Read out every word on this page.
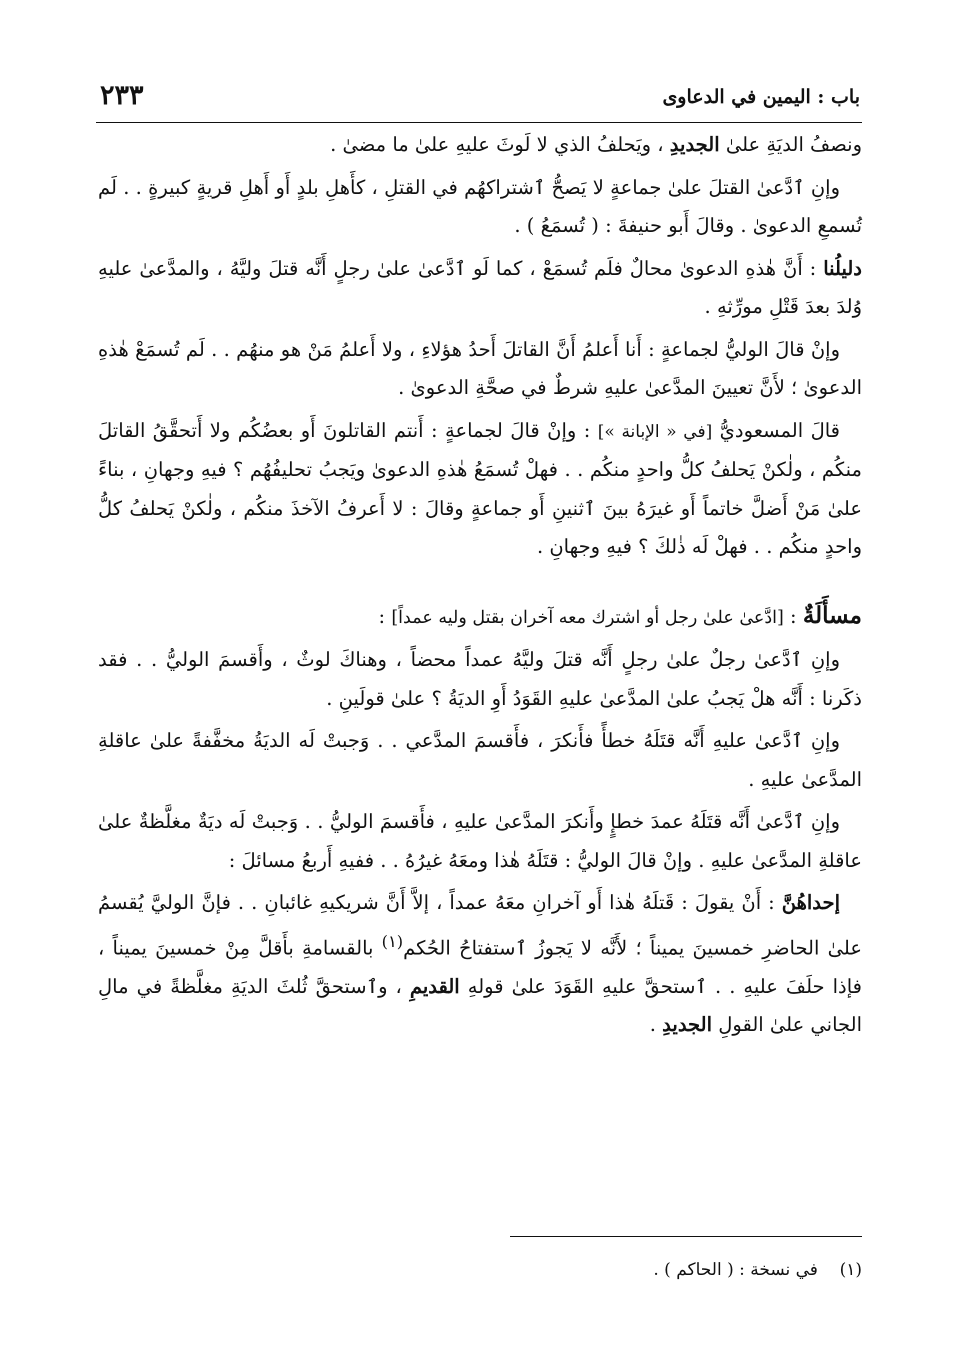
باب : اليمين في الدعاوى
٢٣٣

ونصفُ الديَةِ علىٰ الجديدِ ، ويَحلفُ الذي لا لَوثَ عليهِ علىٰ ما مضىٰ .

وإنِ ٱدَّعىٰ القتلَ علىٰ جماعةٍ لا يَصحُّ ٱشتراكهُم في القتلِ ، كأَهلِ بلدٍ أَو أَهلِ قريةٍ كبيرةٍ . . لَم تُسمعِ الدعوىٰ . وقالَ أَبو حنيفةَ : ( تُسمَعُ ) .

دليلُنا : أَنَّ هٰذهِ الدعوىٰ محالٌ فلَم تُسمَعْ ، كما لَو ٱدَّعىٰ علىٰ رجلٍ أَنَّه قتلَ وليَّهُ ، والمدَّعىٰ عليهِ وُلدَ بعدَ قَتْلِ مورِّثهِ .

وإنْ قالَ الوليُّ لجماعةٍ : أَنا أَعلمُ أَنَّ القاتلَ أَحدُ هؤلاءِ ، ولا أَعلمُ مَنْ هو منهُم . . لَم تُسمَعْ هٰذهِ الدعوىٰ ؛ لأَنَّ تعيينَ المدَّعىٰ عليهِ شرطٌ في صحَّةِ الدعوىٰ .

قالَ المسعوديُّ [في « الإبانة »] : وإنْ قالَ لجماعةٍ : أَنتم القاتلونَ أَو بعضُكُم ولا أَتحقَّقُ القاتلَ منكُم ، ولٰكنْ يَحلفُ كلُّ واحدٍ منكُم . . فهلْ تُسمَعُ هٰذهِ الدعوىٰ ويَجبُ تحليفُهُم ؟ فيهِ وجهانِ ، بناءً علىٰ مَنْ أَضلَّ خاتماً أَو غيرَهُ بينَ ٱثنينِ أَو جماعةٍ وقالَ : لا أَعرفُ الآخذَ منكُم ، ولٰكنْ يَحلفُ كلُّ واحدٍ منكُم . . فهلْ لَه ذٰلكَ ؟ فيهِ وجهانِ .

مسأَلَةٌ : [ادَّعىٰ علىٰ رجل أو اشترك معه آخران بقتل وليه عمداً] :

وإنِ ٱدَّعىٰ رجلٌ علىٰ رجلٍ أَنَّه قتلَ وليَّهُ عمداً محضاً ، وهناكَ لوثٌ ، وأَقسمَ الوليُّ . . فقد ذكَرنا : أَنَّه هلْ يَجبُ علىٰ المدَّعىٰ عليهِ القَوَدُ أَوِ الديَةُ ؟ علىٰ قولَينِ .

وإنِ ٱدَّعىٰ عليهِ أَنَّه قتَلَهُ خطأً فأَنكرَ ، فأَقسمَ المدَّعي . . وَجبتْ لَه الديَةُ مخفَّفةً علىٰ عاقلةِ المدَّعىٰ عليهِ .

وإنِ ٱدَّعىٰ أَنَّه قتَلَهُ عمدَ خطإٍ وأَنكرَ المدَّعىٰ عليهِ ، فأَقسمَ الوليُّ . . وَجبتْ لَه ديَةٌ مغلَّظةٌ علىٰ عاقلةِ المدَّعىٰ عليهِ . وإنْ قالَ الوليُّ : قتَلَهُ هٰذا ومعَهُ غيرُهُ . . ففيهِ أَربعُ مسائلَ :

إحداهُنَّ : أَنْ يقولَ : قَتلَهُ هٰذا أَو آخرانِ معَهُ عمداً ، إلاَّ أَنَّ شريكيهِ غائبانِ . . فإنَّ الوليَّ يُقسمُ علىٰ الحاضرِ خمسينَ يميناً ؛ لأَنَّه لا يَجوزُ ٱستفتاحُ الحُكم$^{(١)}$ بالقسامةِ بأَقلَّ مِنْ خمسينَ يميناً ، فإذا حلَفَ عليهِ . . ٱستحقَّ عليهِ القَوَدَ علىٰ قولهِ القديمِ ، وٱستحقَّ ثُلثَ الديَةِ مغلَّظةً في مالِ الجاني علىٰ القولِ الجديدِ .

(١)    في نسخة : ( الحاكم ) .
